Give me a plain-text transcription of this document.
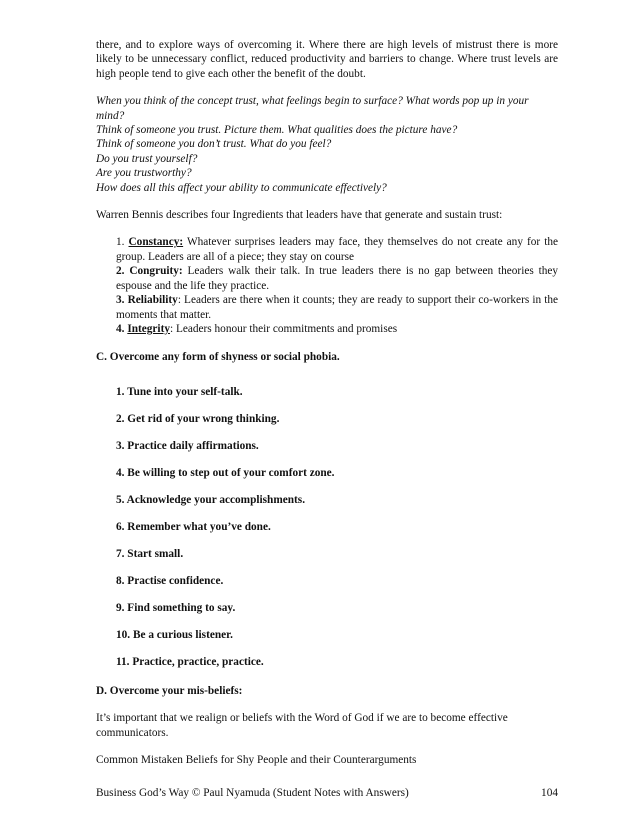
there, and to explore ways of overcoming it. Where there are high levels of mistrust there is more likely to be unnecessary conflict, reduced productivity and barriers to change. Where trust levels are high people tend to give each other the benefit of the doubt.

When you think of the concept trust, what feelings begin to surface? What words pop up in your mind?

Think of someone you trust. Picture them. What qualities does the picture have?

Think of someone you don’t trust. What do you feel?

Do you trust yourself?

Are you trustworthy?

How does all this affect your ability to communicate effectively?

Warren Bennis describes four Ingredients that leaders have that generate and sustain trust:

1. Constancy: Whatever surprises leaders may face, they themselves do not create any for the group. Leaders are all of a piece; they stay on course
2. Congruity: Leaders walk their talk. In true leaders there is no gap between theories they espouse and the life they practice.
3. Reliability: Leaders are there when it counts; they are ready to support their co-workers in the moments that matter.
4. Integrity: Leaders honour their commitments and promises
C. Overcome any form of shyness or social phobia.
1. Tune into your self-talk.
2. Get rid of your wrong thinking.
3. Practice daily affirmations.
4. Be willing to step out of your comfort zone.
5. Acknowledge your accomplishments.
6. Remember what you’ve done.
7. Start small.
8. Practise confidence.
9. Find something to say.
10. Be a curious listener.
11. Practice, practice, practice.
D. Overcome your mis-beliefs:

It’s important that we realign or beliefs with the Word of God if we are to become effective communicators.

Common Mistaken Beliefs for Shy People and their Counterarguments

Business God’s Way © Paul Nyamuda (Student Notes with Answers)	104
